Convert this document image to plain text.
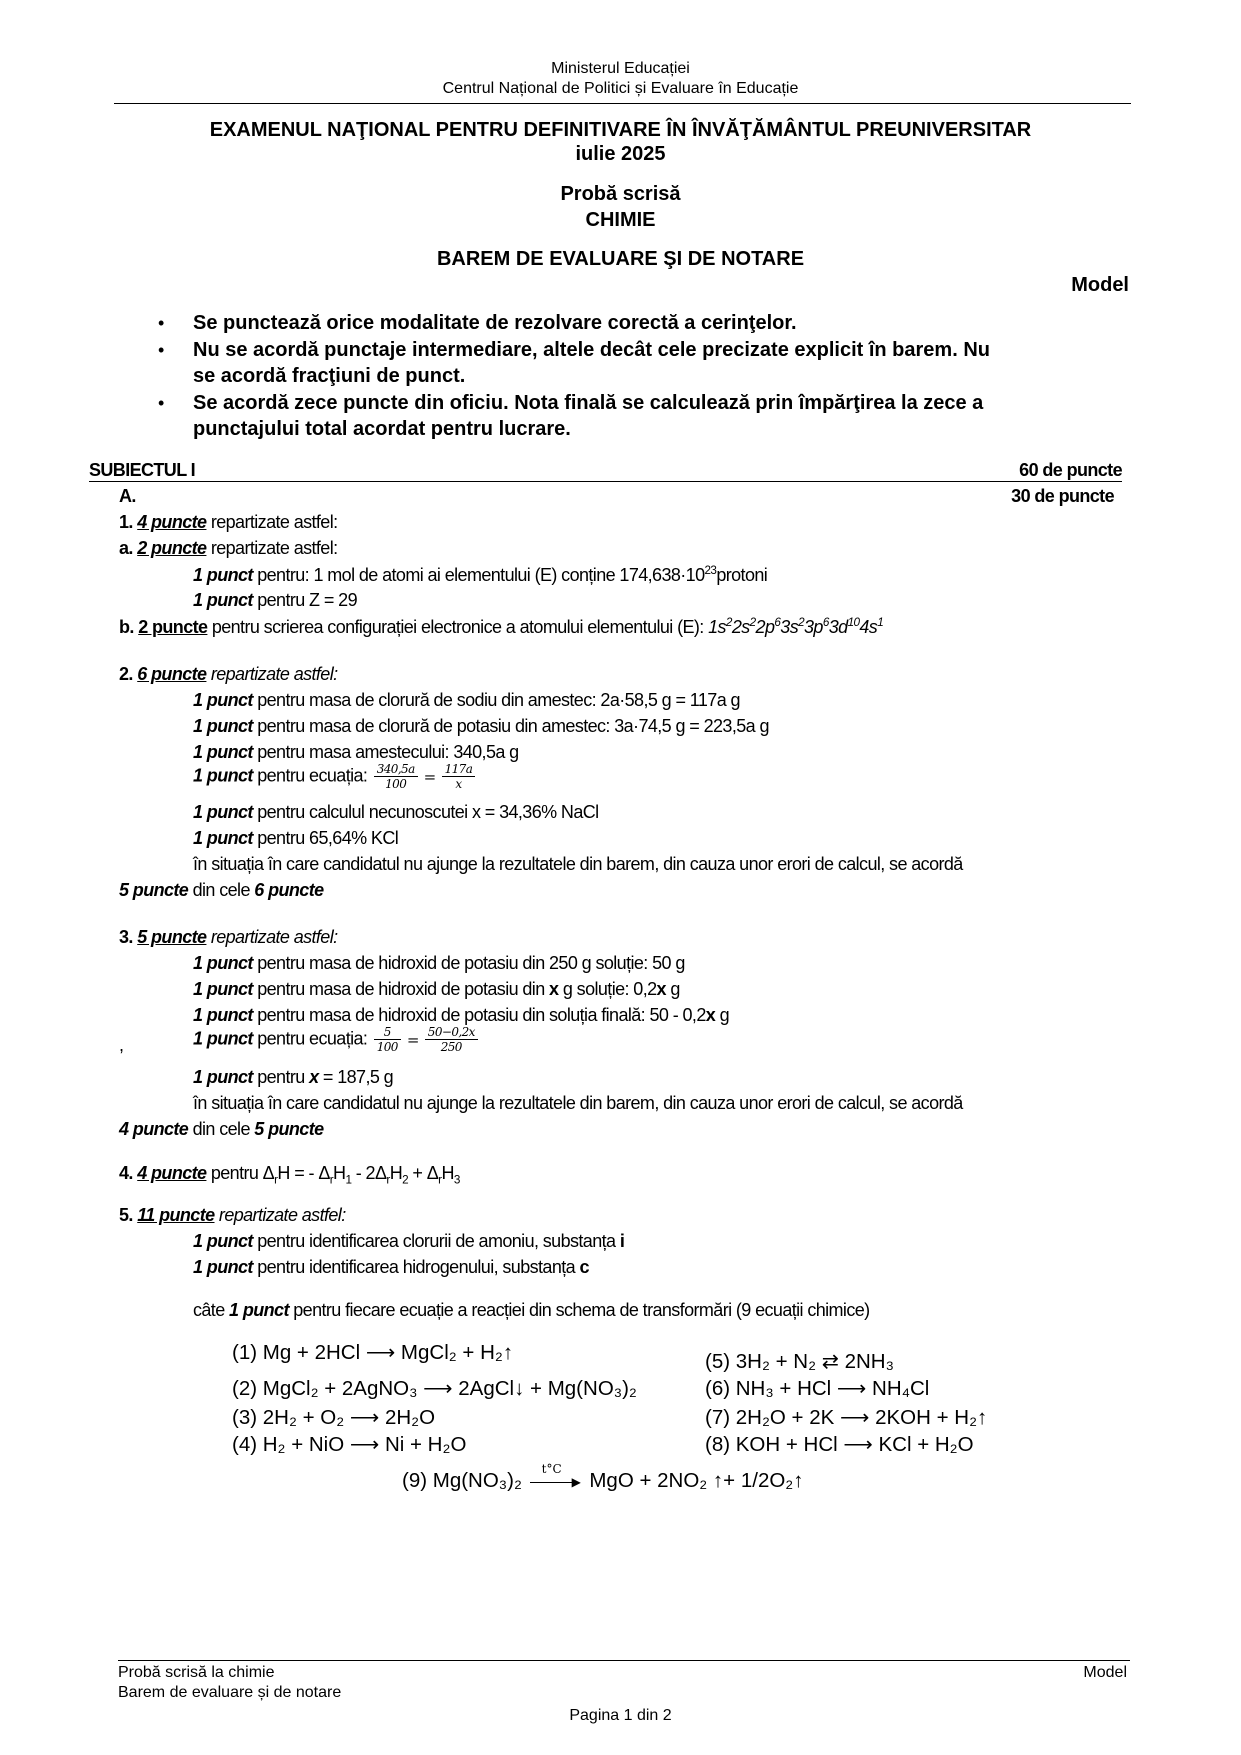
Ministerul Educației
Centrul Național de Politici și Evaluare în Educație
EXAMENUL NAŢIONAL PENTRU DEFINITIVARE ÎN ÎNVĂŢĂMÂNTUL PREUNIVERSITAR
iulie 2025
Probă scrisă
CHIMIE
BAREM DE EVALUARE ŞI DE NOTARE
Model
• Se punctează orice modalitate de rezolvare corectă a cerinţelor.
• Nu se acordă punctaje intermediare, altele decât cele precizate explicit în barem. Nu
se acordă fracţiuni de punct.
• Se acordă zece puncte din oficiu. Nota finală se calculează prin împărţirea la zece a
punctajului total acordat pentru lucrare.
SUBIECTUL I	60 de puncte
A.	30 de puncte
1. 4 puncte repartizate astfel:
a. 2 puncte repartizate astfel:
1 punct pentru: 1 mol de atomi ai elementului (E) conține $174,638\cdot 10^{23}protoni$
1 punct pentru Z = 29
b. 2 puncte pentru scrierea configurației electronice a atomului elementului (E): $1s^22s^22p^63s^23p^63d^{10}4s^1$
2. 6 puncte repartizate astfel:
1 punct pentru masa de clorură de sodiu din amestec: 2a·58,5 g = 117a g
1 punct pentru masa de clorură de potasiu din amestec: 3a·74,5 g = 223,5a g
1 punct pentru masa amestecului: 340,5a g
1 punct pentru ecuația: $\frac{340,5a}{100} = \frac{117a}{x}$
1 punct pentru calculul necunoscutei x = 34,36% NaCl
1 punct pentru 65,64% KCl
în situația în care candidatul nu ajunge la rezultatele din barem, din cauza unor erori de calcul, se acordă
5 puncte din cele 6 puncte
3. 5 puncte repartizate astfel:
1 punct pentru masa de hidroxid de potasiu din 250 g soluție: 50 g
1 punct pentru masa de hidroxid de potasiu din x g soluție: 0,2x g
1 punct pentru masa de hidroxid de potasiu din soluția finală: 50 - 0,2x g
,	1 punct pentru ecuația: $\frac{5}{100} = \frac{50-0,2x}{250}$
1 punct pentru x = 187,5 g
în situația în care candidatul nu ajunge la rezultatele din barem, din cauza unor erori de calcul, se acordă
4 puncte din cele 5 puncte
4. 4 puncte pentru $\Delta_rH$ = - $\Delta_rH_1 - 2\Delta_rH_2 + \Delta_rH_3$
5. 11 puncte repartizate astfel:
1 punct pentru identificarea clorurii de amoniu, substanța i
1 punct pentru identificarea hidrogenului, substanța c
câte 1 punct pentru fiecare ecuație a reacției din schema de transformări (9 ecuații chimice)
(1) Mg + 2HCl ⟶ MgCl₂ + H₂↑
(2) MgCl₂ + 2AgNO₃ ⟶ 2AgCl↓ + Mg(NO₃)₂
(3) 2H₂ + O₂ ⟶ 2H₂O
(4) H₂ + NiO ⟶ Ni + H₂O
(5) 3H₂ + N₂ ⇄ 2NH₃
(6) NH₃ + HCl ⟶ NH₄Cl
(7) 2H₂O + 2K ⟶ 2KOH + H₂↑
(8) KOH + HCl ⟶ KCl + H₂O
(9) Mg(NO₃)₂
t°C
▶ MgO + 2NO₂ ↑+ 1/2O₂↑
Probă scrisă la chimie
Barem de evaluare și de notare
Model
Pagina 1 din 2
